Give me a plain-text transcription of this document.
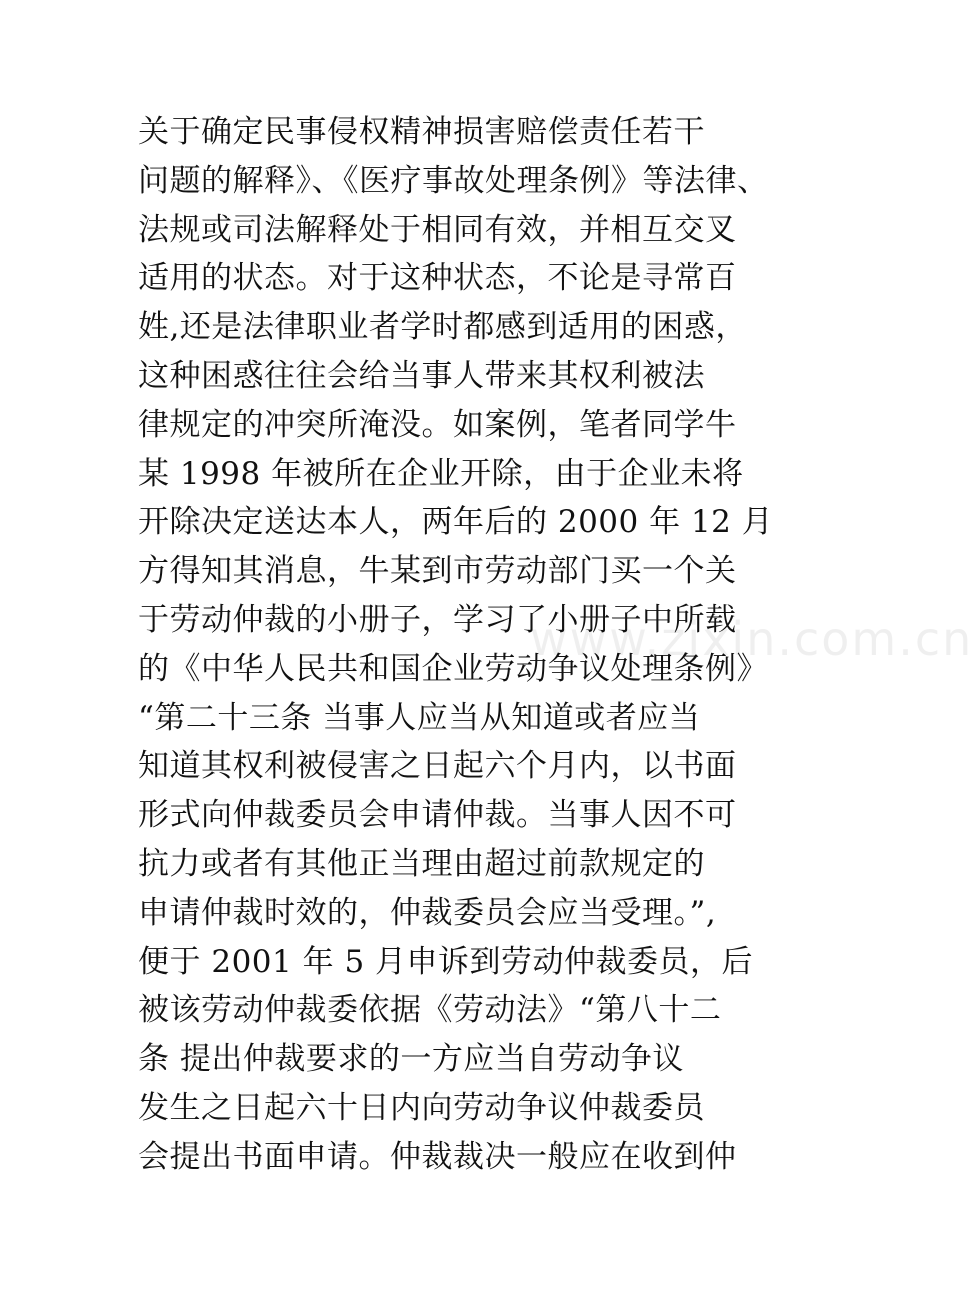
关于确定民事侵权精神损害赔偿责任若干
问题的解释》、《医疗事故处理条例》等法律、
法规或司法解释处于相同有效，并相互交叉
适用的状态。对于这种状态，不论是寻常百
姓,还是法律职业者学时都感到适用的困惑，
这种困惑往往会给当事人带来其权利被法
律规定的冲突所淹没。如案例，笔者同学牛
某 1998 年被所在企业开除，由于企业未将
开除决定送达本人，两年后的 2000 年 12 月
方得知其消息，牛某到市劳动部门买一个关
于劳动仲裁的小册子，学习了小册子中所载
的《中华人民共和国企业劳动争议处理条例》
“第二十三条 当事人应当从知道或者应当
知道其权利被侵害之日起六个月内，以书面
形式向仲裁委员会申请仲裁。当事人因不可
抗力或者有其他正当理由超过前款规定的
申请仲裁时效的，仲裁委员会应当受理。”,
便于 2001 年 5 月申诉到劳动仲裁委员，后
被该劳动仲裁委依据《劳动法》“第八十二
条 提出仲裁要求的一方应当自劳动争议
发生之日起六十日内向劳动争议仲裁委员
会提出书面申请。仲裁裁决一般应在收到仲
www.zixin.com.cn
